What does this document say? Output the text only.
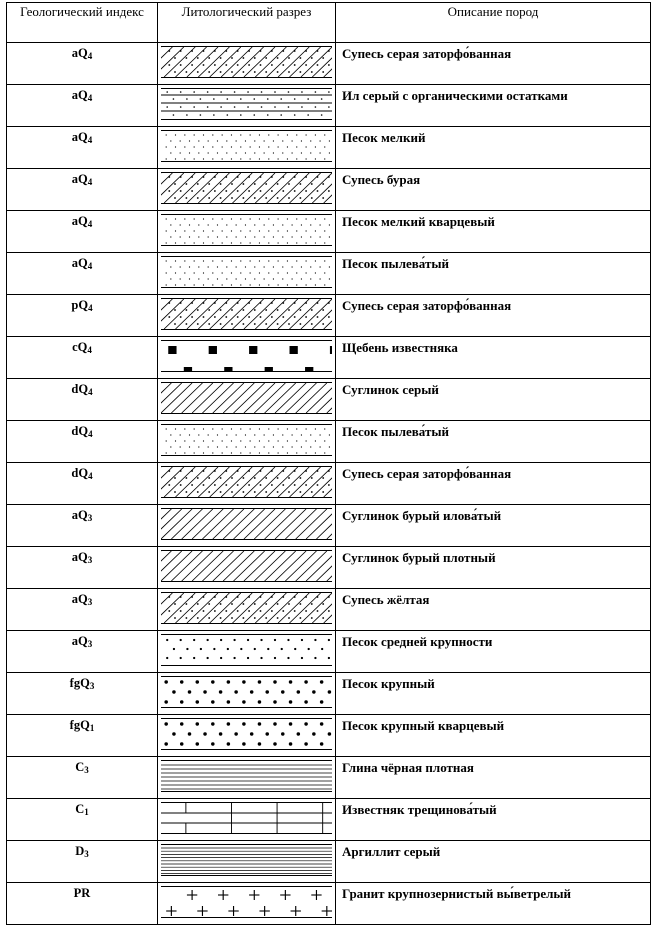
Геологический индекс	Литологический разрез	Описание пород
$aQ_4$		Супесь серая заторфо́ванная
$aQ_4$		Ил серый с органическими остатками
$aQ_4$		Песок мелкий
$aQ_4$		Супесь бурая
$aQ_4$		Песок мелкий кварцевый
$aQ_4$		Песок пылева́тый
$pQ_4$		Супесь серая заторфо́ванная
$cQ_4$		Щебень известняка
$dQ_4$		Суглинок серый
$dQ_4$		Песок пылева́тый
$dQ_4$		Супесь серая заторфо́ванная
$aQ_3$		Суглинок бурый илова́тый
$aQ_3$		Суглинок бурый плотный
$aQ_3$		Супесь жёлтая
$aQ_3$		Песок средней крупности
fgQ$_3$		Песок крупный
fgQ$_1$		Песок крупный кварцевый
$C_3$		Глина чёрная плотная
$C_1$		Известняк трещинова́тый
$D_3$		Аргиллит серый
PR		Гранит крупнозернистый вы́ветрелый
